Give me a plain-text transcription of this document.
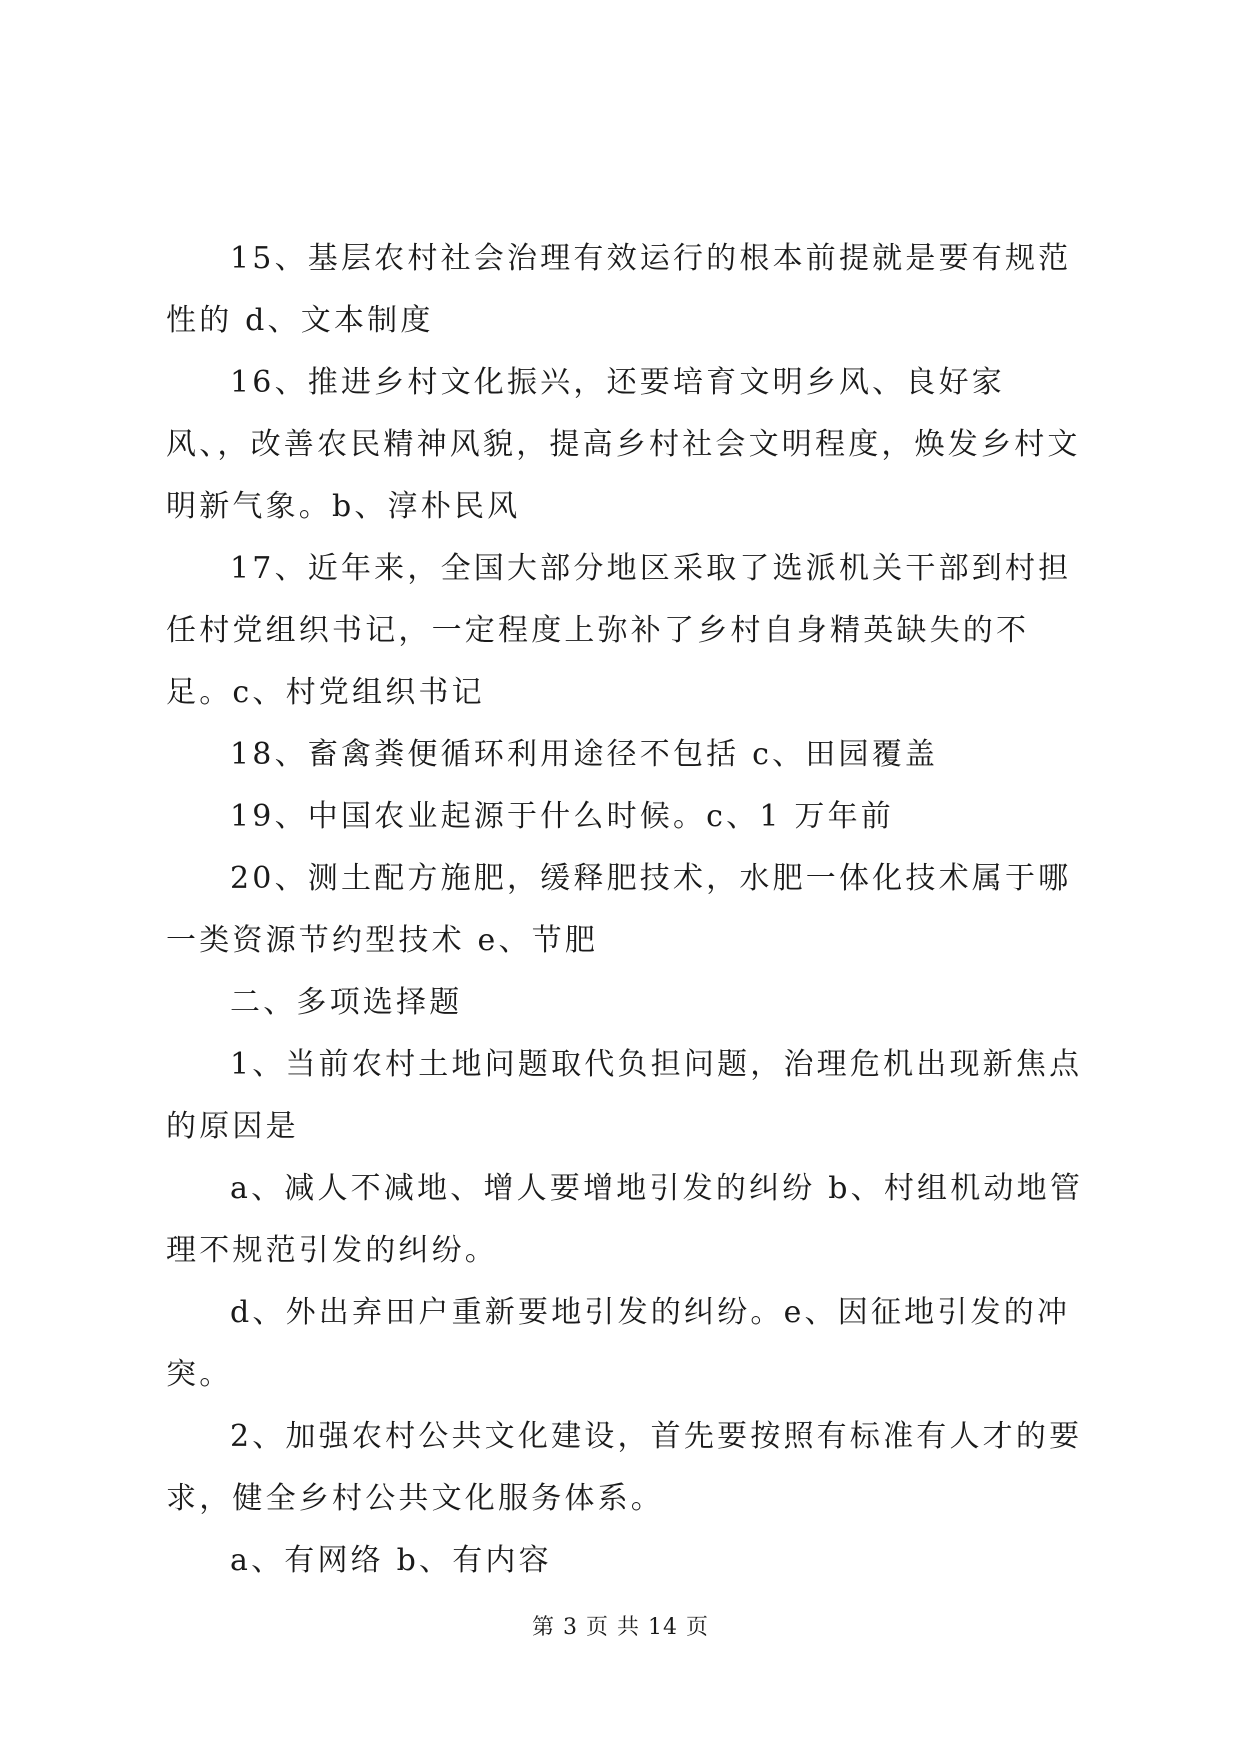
15、基层农村社会治理有效运行的根本前提就是要有规范性的 d、文本制度

16、推进乡村文化振兴，还要培育文明乡风、良好家风、，改善农民精神风貌，提高乡村社会文明程度，焕发乡村文明新气象。b、淳朴民风

17、近年来，全国大部分地区采取了选派机关干部到村担任村党组织书记，一定程度上弥补了乡村自身精英缺失的不足。c、村党组织书记

18、畜禽粪便循环利用途径不包括 c、田园覆盖

19、中国农业起源于什么时候。c、1 万年前

20、测土配方施肥，缓释肥技术，水肥一体化技术属于哪一类资源节约型技术 e、节肥

二、多项选择题

1、当前农村土地问题取代负担问题，治理危机出现新焦点的原因是

a、减人不减地、增人要增地引发的纠纷 b、村组机动地管理不规范引发的纠纷。

d、外出弃田户重新要地引发的纠纷。e、因征地引发的冲突。

2、加强农村公共文化建设，首先要按照有标准有人才的要求，健全乡村公共文化服务体系。

a、有网络 b、有内容

第 3 页 共 14 页
